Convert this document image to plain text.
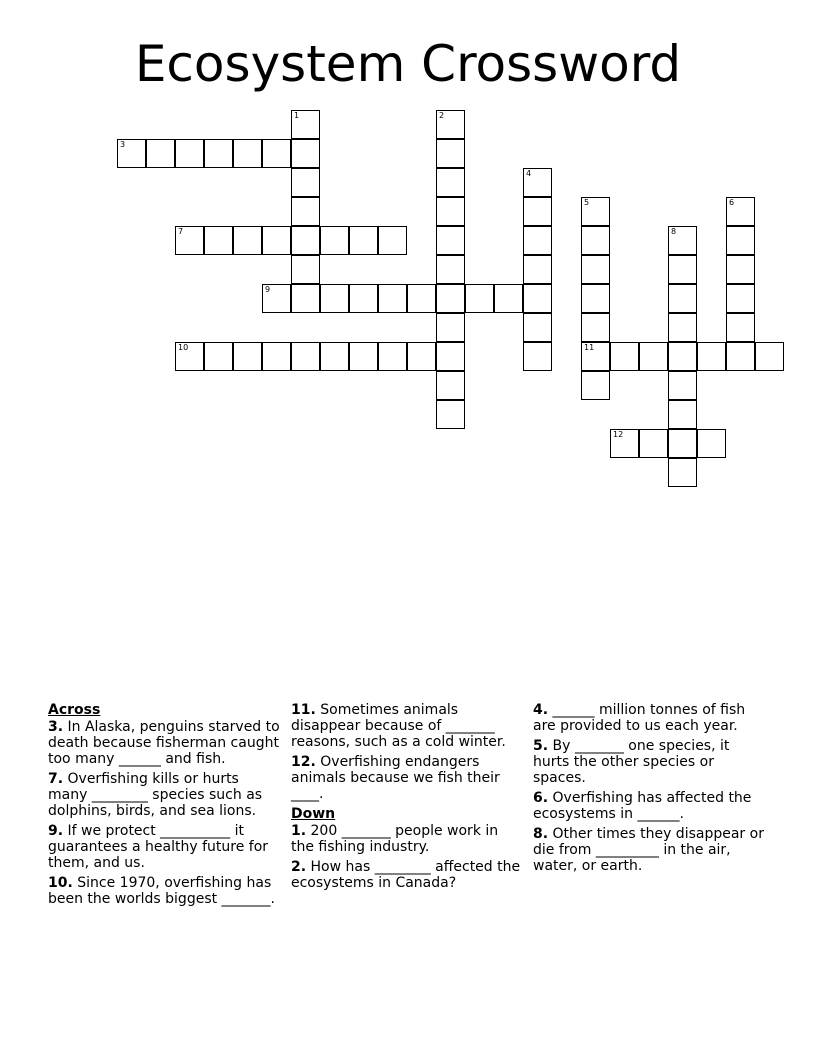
Ecosystem Crossword
1	2
3
4
5
11
6
7	8
9
10
12
Across
3. In Alaska, penguins starved to death because fisherman caught too many ______ and fish.
7. Overfishing kills or hurts many ________ species such as dolphins, birds, and sea lions.
9. If we protect __________ it guarantees a healthy future for them, and us.
10. Since 1970, overfishing has been the worlds biggest _______.
11. Sometimes animals disappear because of _______ reasons, such as a cold winter.
12. Overfishing endangers animals because we fish their ____.
Down
1. 200 _______ people work in the fishing industry.
2. How has ________ affected the ecosystems in Canada?
4. ______ million tonnes of fish are provided to us each year.
5. By _______ one species, it hurts the other species or spaces.
6. Overfishing has affected the ecosystems in ______.
8. Other times they disappear or die from _________ in the air, water, or earth.
